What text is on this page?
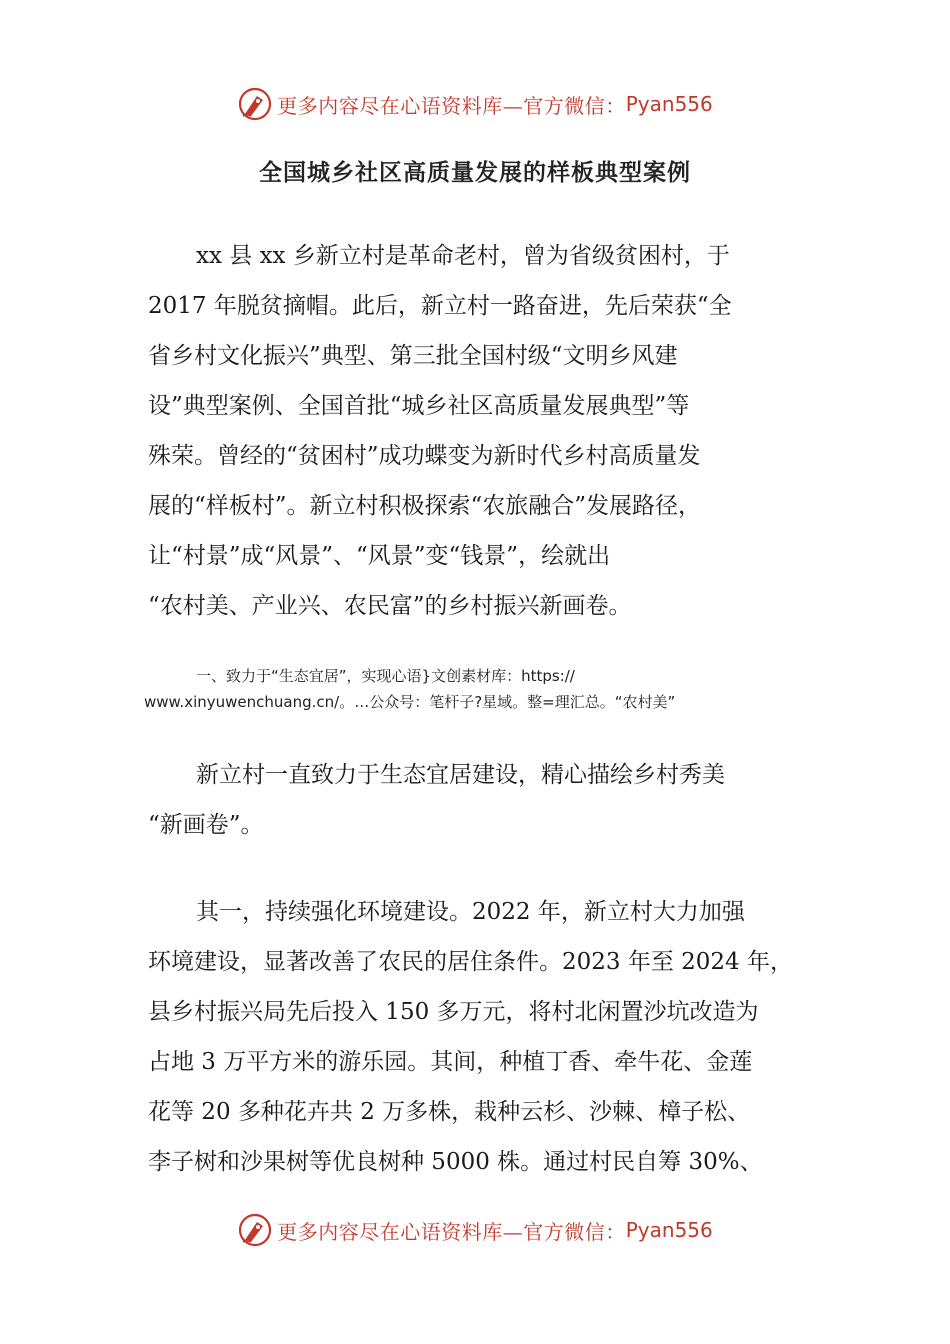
更多内容尽在心语资料库—官方微信： Pyan556
全国城乡社区高质量发展的样板典型案例
xx 县 xx 乡新立村是革命老村，曾为省级贫困村，于
2017 年脱贫摘帽。此后，新立村一路奋进，先后荣获“全
省乡村文化振兴”典型、第三批全国村级“文明乡风建
设”典型案例、全国首批“城乡社区高质量发展典型”等
殊荣。曾经的“贫困村”成功蝶变为新时代乡村高质量发
展的“样板村”。新立村积极探索“农旅融合”发展路径，
让“村景”成“风景”、“风景”变“钱景”，绘就出
“农村美、产业兴、农民富”的乡村振兴新画卷。
一、致力于“生态宜居”，实现心语}文创素材库：https://
www.xinyuwenchuang.cn/。…公众号：笔杆子?星域。整=理汇总。“农村美”
新立村一直致力于生态宜居建设，精心描绘乡村秀美
“新画卷”。
其一，持续强化环境建设。2022 年，新立村大力加强
环境建设，显著改善了农民的居住条件。2023 年至 2024 年，
县乡村振兴局先后投入 150 多万元，将村北闲置沙坑改造为
占地 3 万平方米的游乐园。其间，种植丁香、牵牛花、金莲
花等 20 多种花卉共 2 万多株，栽种云杉、沙棘、樟子松、
李子树和沙果树等优良树种 5000 株。通过村民自筹 30%、
更多内容尽在心语资料库—官方微信： Pyan556
